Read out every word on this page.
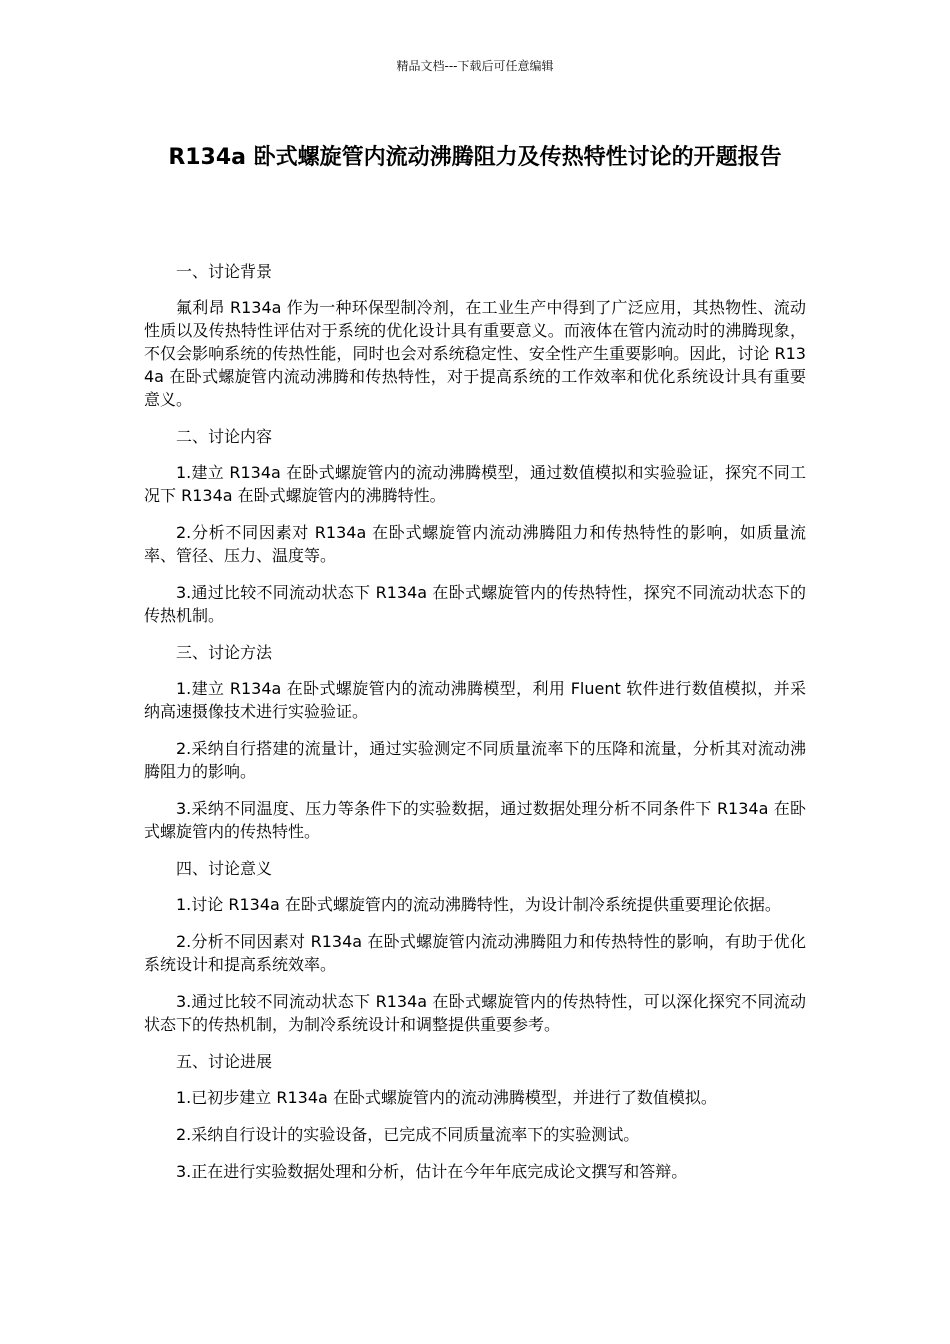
精品文档---下载后可任意编辑
R134a 卧式螺旋管内流动沸腾阻力及传热特性讨论的开题报告

一、讨论背景

氟利昂 R134a 作为一种环保型制冷剂，在工业生产中得到了广泛应用，其热物性、流动性质以及传热特性评估对于系统的优化设计具有重要意义。而液体在管内流动时的沸腾现象，不仅会影响系统的传热性能，同时也会对系统稳定性、安全性产生重要影响。因此，讨论 R134a 在卧式螺旋管内流动沸腾和传热特性，对于提高系统的工作效率和优化系统设计具有重要意义。

二、讨论内容

1.建立 R134a 在卧式螺旋管内的流动沸腾模型，通过数值模拟和实验验证，探究不同工况下 R134a 在卧式螺旋管内的沸腾特性。

2.分析不同因素对 R134a 在卧式螺旋管内流动沸腾阻力和传热特性的影响，如质量流率、管径、压力、温度等。

3.通过比较不同流动状态下 R134a 在卧式螺旋管内的传热特性，探究不同流动状态下的传热机制。

三、讨论方法

1.建立 R134a 在卧式螺旋管内的流动沸腾模型，利用 Fluent 软件进行数值模拟，并采纳高速摄像技术进行实验验证。

2.采纳自行搭建的流量计，通过实验测定不同质量流率下的压降和流量，分析其对流动沸腾阻力的影响。

3.采纳不同温度、压力等条件下的实验数据，通过数据处理分析不同条件下 R134a 在卧式螺旋管内的传热特性。

四、讨论意义

1.讨论 R134a 在卧式螺旋管内的流动沸腾特性，为设计制冷系统提供重要理论依据。

2.分析不同因素对 R134a 在卧式螺旋管内流动沸腾阻力和传热特性的影响，有助于优化系统设计和提高系统效率。

3.通过比较不同流动状态下 R134a 在卧式螺旋管内的传热特性，可以深化探究不同流动状态下的传热机制，为制冷系统设计和调整提供重要参考。

五、讨论进展

1.已初步建立 R134a 在卧式螺旋管内的流动沸腾模型，并进行了数值模拟。

2.采纳自行设计的实验设备，已完成不同质量流率下的实验测试。

3.正在进行实验数据处理和分析，估计在今年年底完成论文撰写和答辩。
